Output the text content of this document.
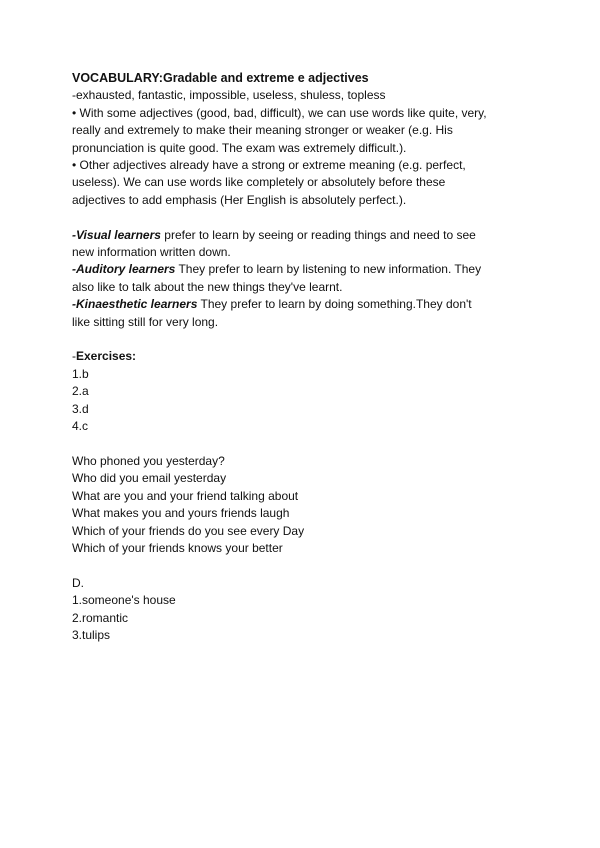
VOCABULARY:Gradable and extreme e adjectives
-exhausted, fantastic, impossible, useless, shuless, topless
• With some adjectives (good, bad, difficult), we can use words like quite, very,
really and extremely to make their meaning stronger or weaker (e.g. His
pronunciation is quite good. The exam was extremely difficult.).
• Other adjectives already have a strong or extreme meaning (e.g. perfect,
useless). We can use words like completely or absolutely before these
adjectives to add emphasis (Her English is absolutely perfect.).
-Visual learners prefer to learn by seeing or reading things and need to see
new information written down.
-Auditory learners They prefer to learn by listening to new information. They
also like to talk about the new things they've learnt.
-Kinaesthetic learners They prefer to learn by doing something.They don't
like sitting still for very long.
-Exercises:
1.b
2.a
3.d
4.c
Who phoned you yesterday?
Who did you email yesterday
What are you and your friend talking about
What makes you and yours friends laugh
Which of your friends do you see every Day
Which of your friends knows your better
D.
1.someone's house
2.romantic
3.tulips
